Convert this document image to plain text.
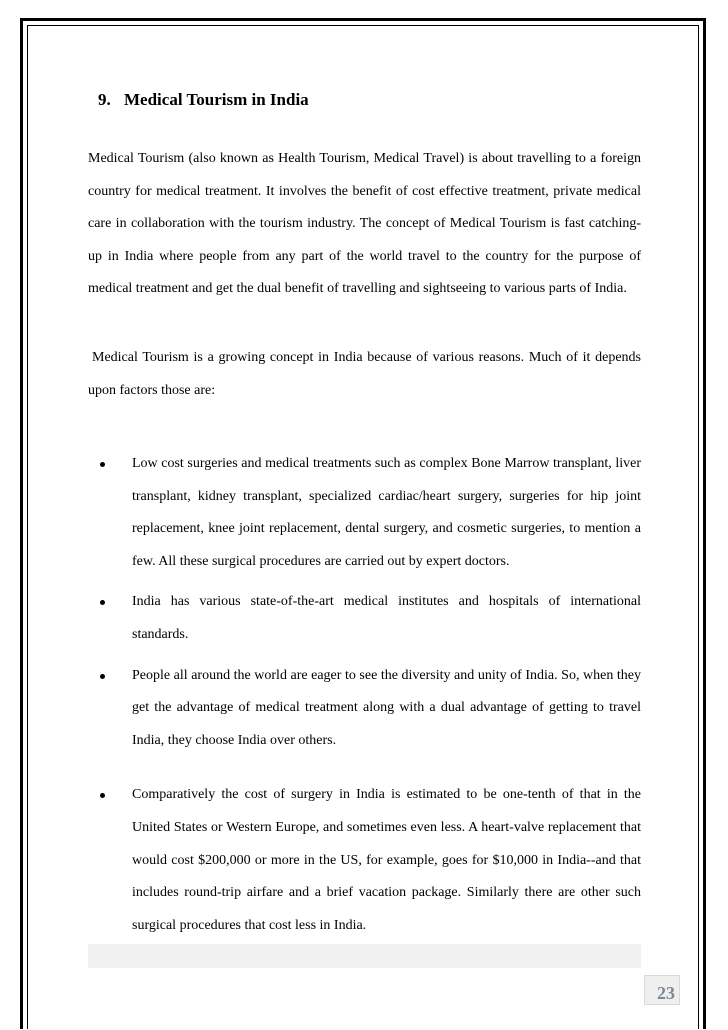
9. Medical Tourism in India

Medical Tourism (also known as Health Tourism, Medical Travel) is about travelling to a foreign country for medical treatment. It involves the benefit of cost effective treatment, private medical care in collaboration with the tourism industry. The concept of Medical Tourism is fast catching-up in India where people from any part of the world travel to the country for the purpose of medical treatment and get the dual benefit of travelling and sightseeing to various parts of India.

Medical Tourism is a growing concept in India because of various reasons. Much of it depends upon factors those are:

Low cost surgeries and medical treatments such as complex Bone Marrow transplant, liver transplant, kidney transplant, specialized cardiac/heart surgery, surgeries for hip joint replacement, knee joint replacement, dental surgery, and cosmetic surgeries, to mention a few. All these surgical procedures are carried out by expert doctors.
India has various state-of-the-art medical institutes and hospitals of international standards.
People all around the world are eager to see the diversity and unity of India. So, when they get the advantage of medical treatment along with a dual advantage of getting to travel India, they choose India over others.
Comparatively the cost of surgery in India is estimated to be one-tenth of that in the United States or Western Europe, and sometimes even less. A heart-valve replacement that would cost $200,000 or more in the US, for example, goes for $10,000 in India--and that includes round-trip airfare and a brief vacation package. Similarly there are other such surgical procedures that cost less in India.
23
